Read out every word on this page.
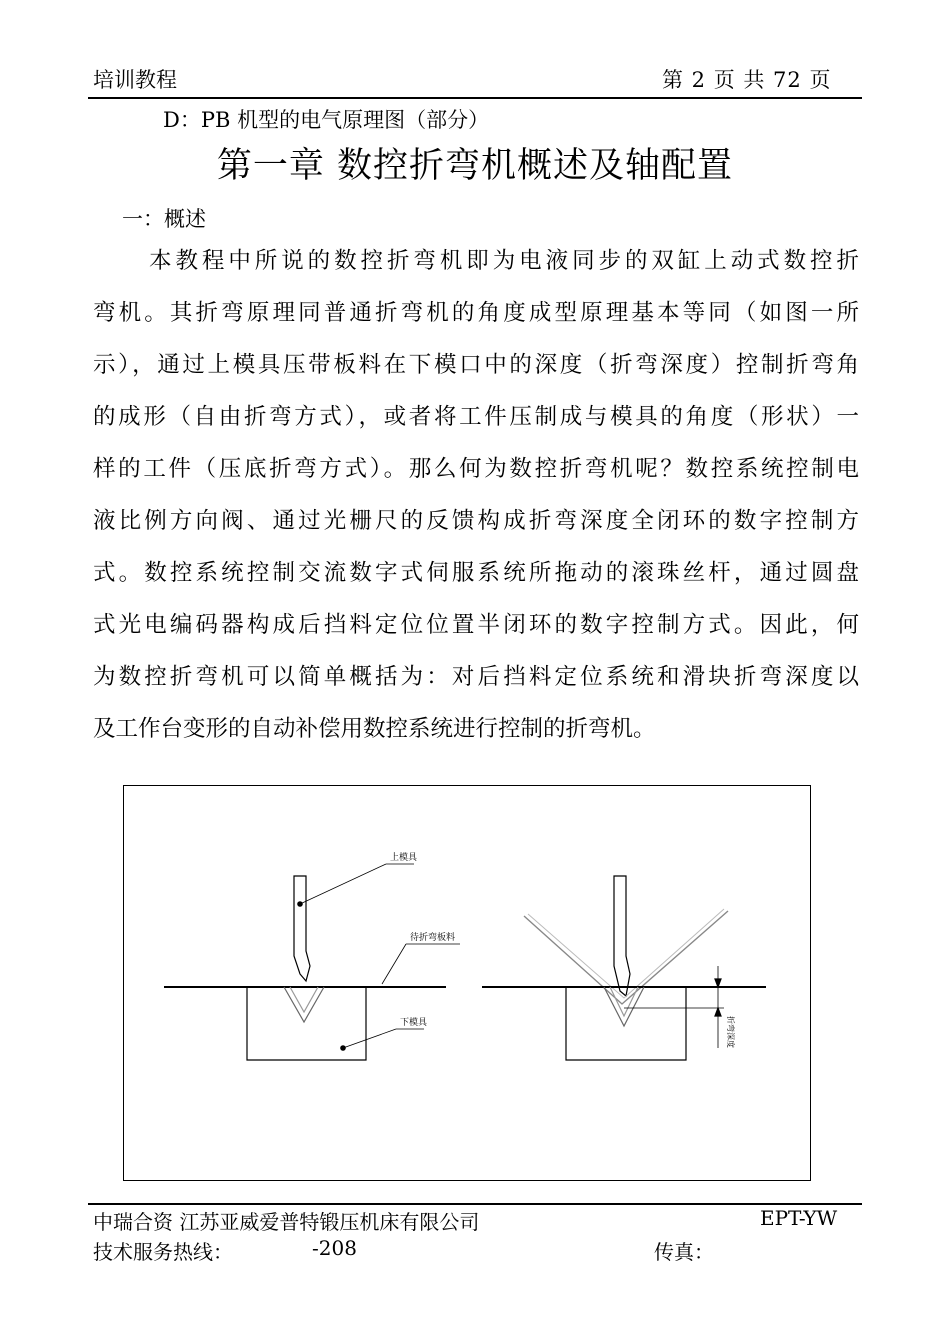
培训教程	第 2 页 共 72 页
D：PB 机型的电气原理图（部分）
第一章 数控折弯机概述及轴配置
一：概述
本教程中所说的数控折弯机即为电液同步的双缸上动式数控折
弯机。其折弯原理同普通折弯机的角度成型原理基本等同（如图一所
示），通过上模具压带板料在下模口中的深度（折弯深度）控制折弯角
的成形（自由折弯方式），或者将工件压制成与模具的角度（形状）一
样的工件（压底折弯方式）。那么何为数控折弯机呢？数控系统控制电
液比例方向阀、通过光栅尺的反馈构成折弯深度全闭环的数字控制方
式。数控系统控制交流数字式伺服系统所拖动的滚珠丝杆，通过圆盘
式光电编码器构成后挡料定位位置半闭环的数字控制方式。因此，何
为数控折弯机可以简单概括为：对后挡料定位系统和滑块折弯深度以
及工作台变形的自动补偿用数控系统进行控制的折弯机。
上模具
待折弯板料
下模具	折弯深度
中瑞合资 江苏亚威爱普特锻压机床有限公司	EPT-YW
技术服务热线：	-208	传真：
